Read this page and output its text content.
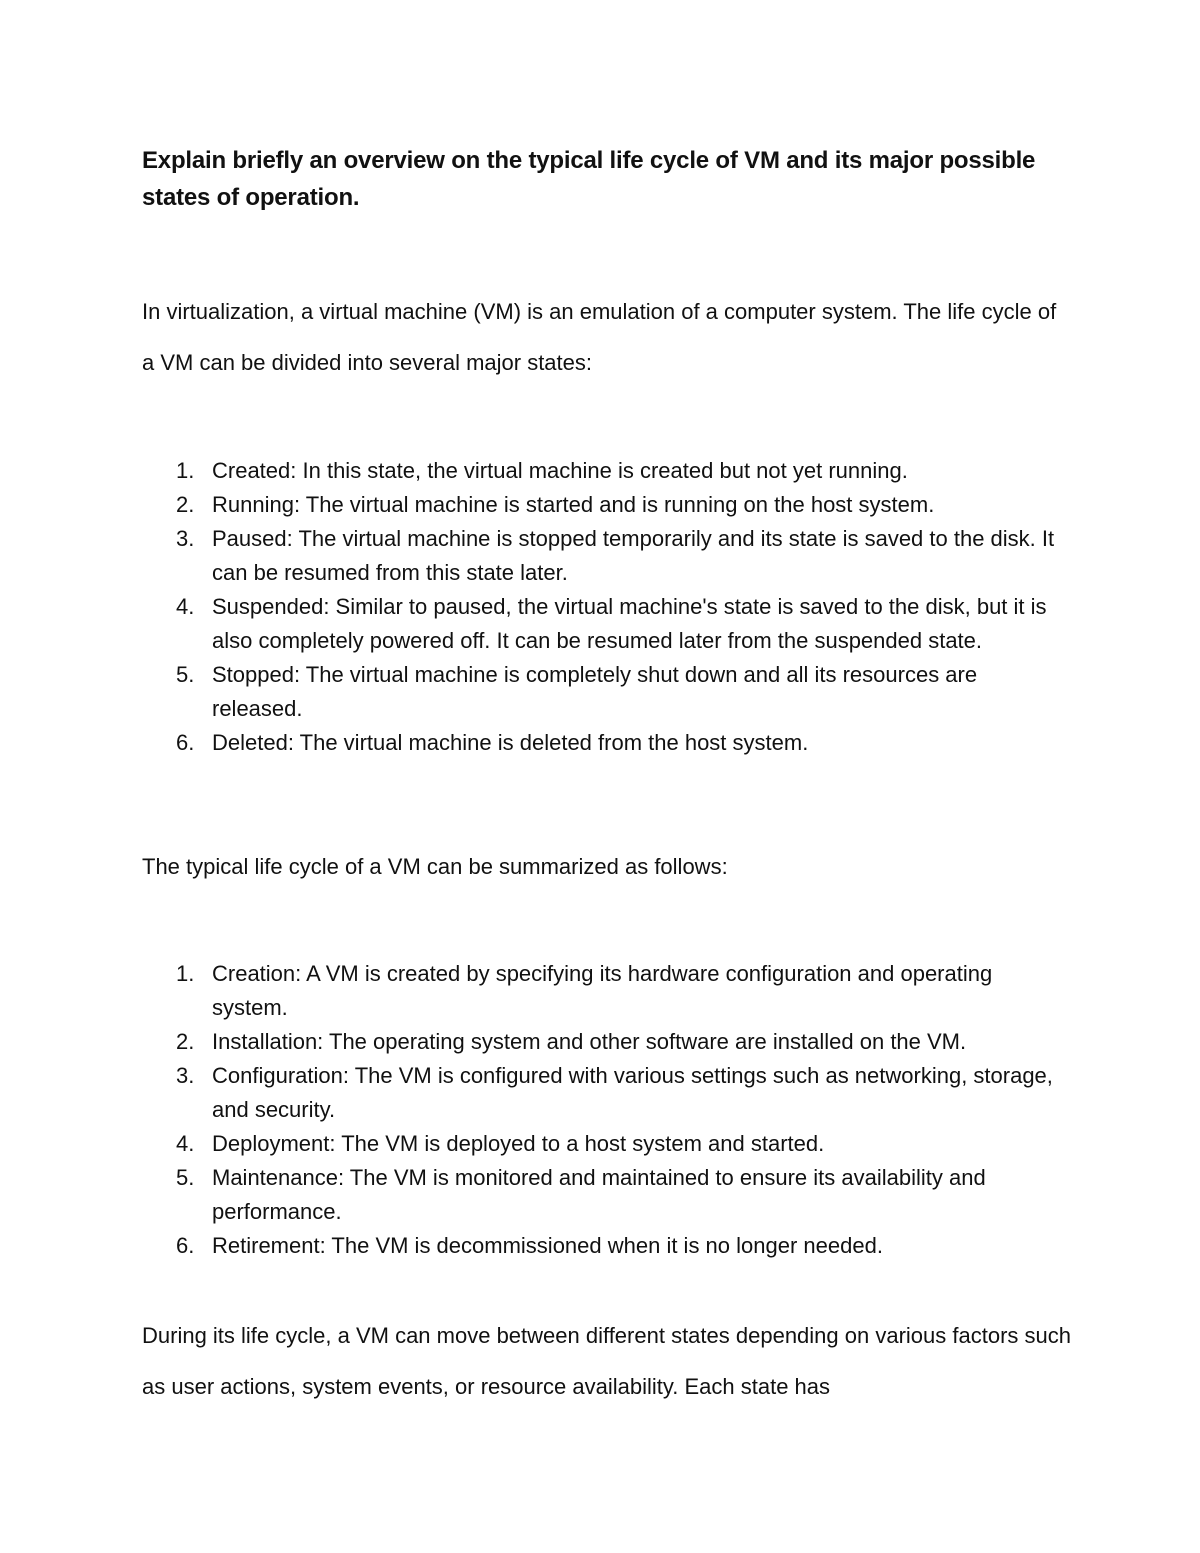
Explain briefly an overview on the typical life cycle of VM and its major possible states of operation.

In virtualization, a virtual machine (VM) is an emulation of a computer system. The life cycle of a VM can be divided into several major states:

1. Created: In this state, the virtual machine is created but not yet running.
2. Running: The virtual machine is started and is running on the host system.
3. Paused: The virtual machine is stopped temporarily and its state is saved to the disk. It can be resumed from this state later.
4. Suspended: Similar to paused, the virtual machine's state is saved to the disk, but it is also completely powered off. It can be resumed later from the suspended state.
5. Stopped: The virtual machine is completely shut down and all its resources are released.
6. Deleted: The virtual machine is deleted from the host system.

The typical life cycle of a VM can be summarized as follows:

1. Creation: A VM is created by specifying its hardware configuration and operating system.
2. Installation: The operating system and other software are installed on the VM.
3. Configuration: The VM is configured with various settings such as networking, storage, and security.
4. Deployment: The VM is deployed to a host system and started.
5. Maintenance: The VM is monitored and maintained to ensure its availability and performance.
6. Retirement: The VM is decommissioned when it is no longer needed.

During its life cycle, a VM can move between different states depending on various factors such as user actions, system events, or resource availability. Each state has
